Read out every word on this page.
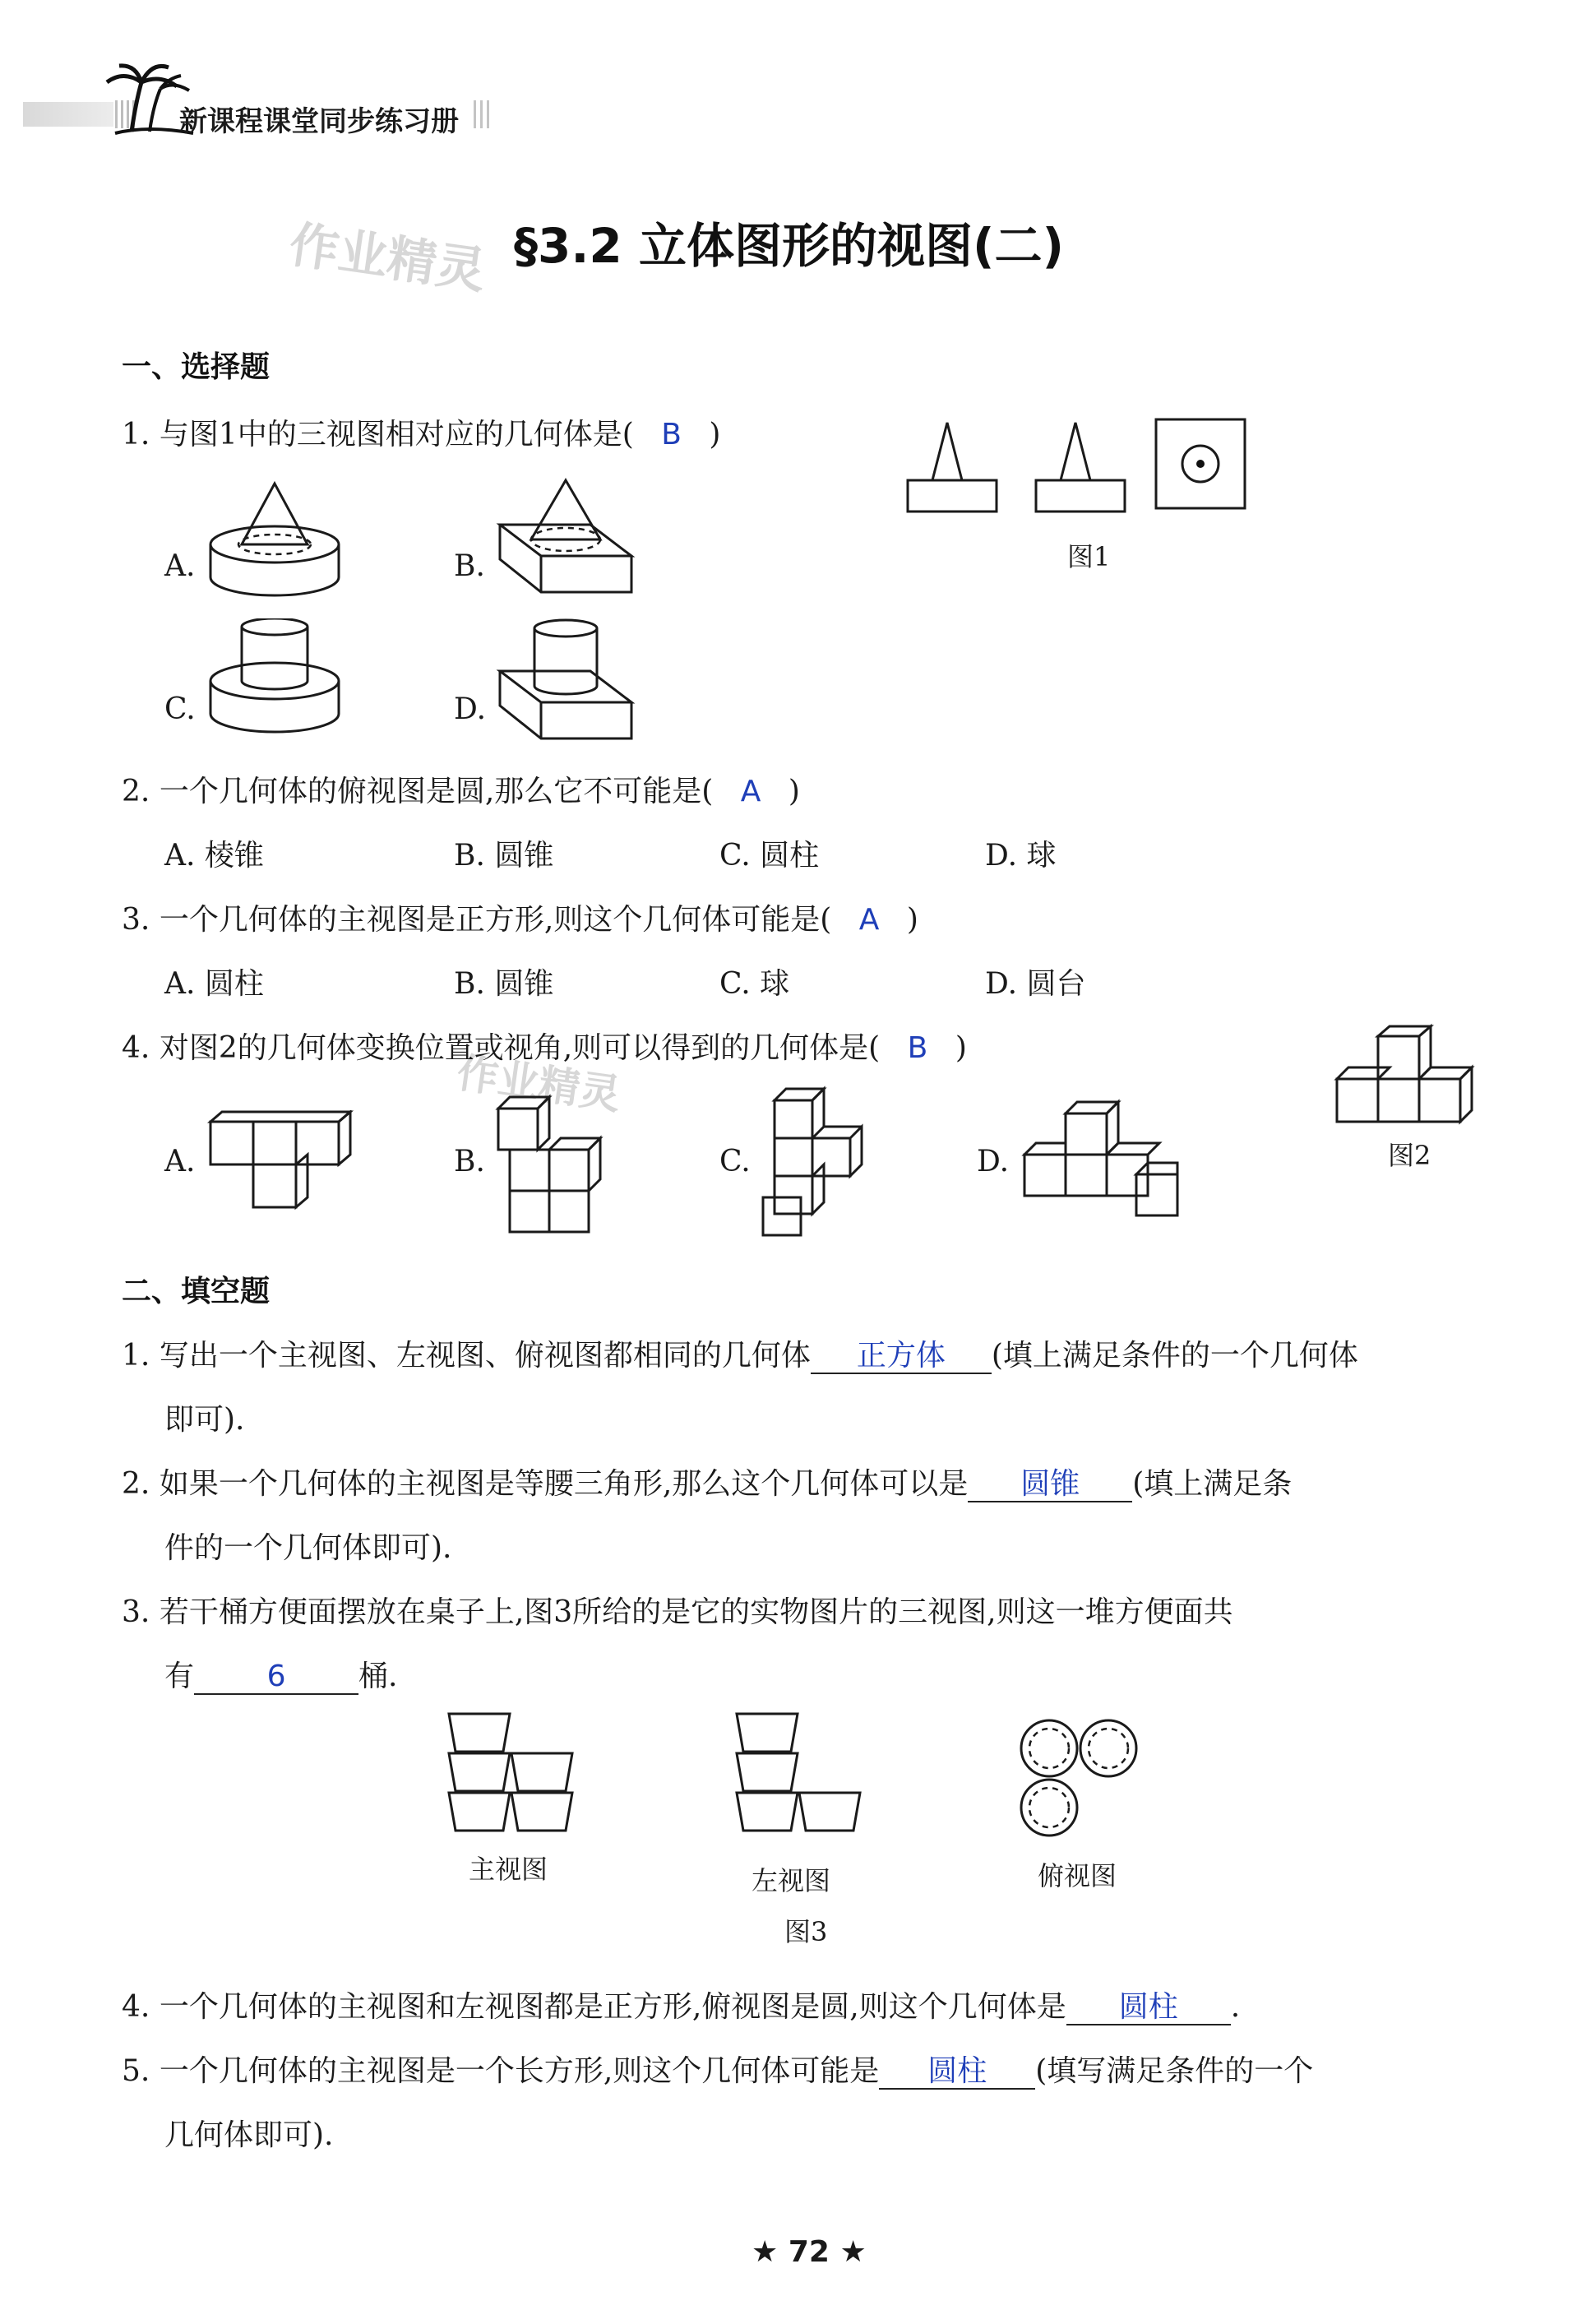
新课程课堂同步练习册
作业精灵
作业精灵
§3.2 立体图形的视图(二)
一、选择题
1. 与图1中的三视图相对应的几何体是( B )
图1
A.	B.
C.	D.
2. 一个几何体的俯视图是圆,那么它不可能是( A )
A. 棱锥	B. 圆锥	C. 圆柱	D. 球
3. 一个几何体的主视图是正方形,则这个几何体可能是( A )
A. 圆柱	B. 圆锥	C. 球	D. 圆台
4. 对图2的几何体变换位置或视角,则可以得到的几何体是( B )
图2
A.	B.	C.	D.
二、填空题
1. 写出一个主视图、左视图、俯视图都相同的几何体 正方体 (填上满足条件的一个几何体
即可).
2. 如果一个几何体的主视图是等腰三角形,那么这个几何体可以是 圆锥 (填上满足条
件的一个几何体即可).
3. 若干桶方便面摆放在桌子上,图3所给的是它的实物图片的三视图,则这一堆方便面共
有 6 桶.
主视图	左视图	俯视图
图3
4. 一个几何体的主视图和左视图都是正方形,俯视图是圆,则这个几何体是 圆柱 .
5. 一个几何体的主视图是一个长方形,则这个几何体可能是 圆柱 (填写满足条件的一个
几何体即可).
★ 72 ★
